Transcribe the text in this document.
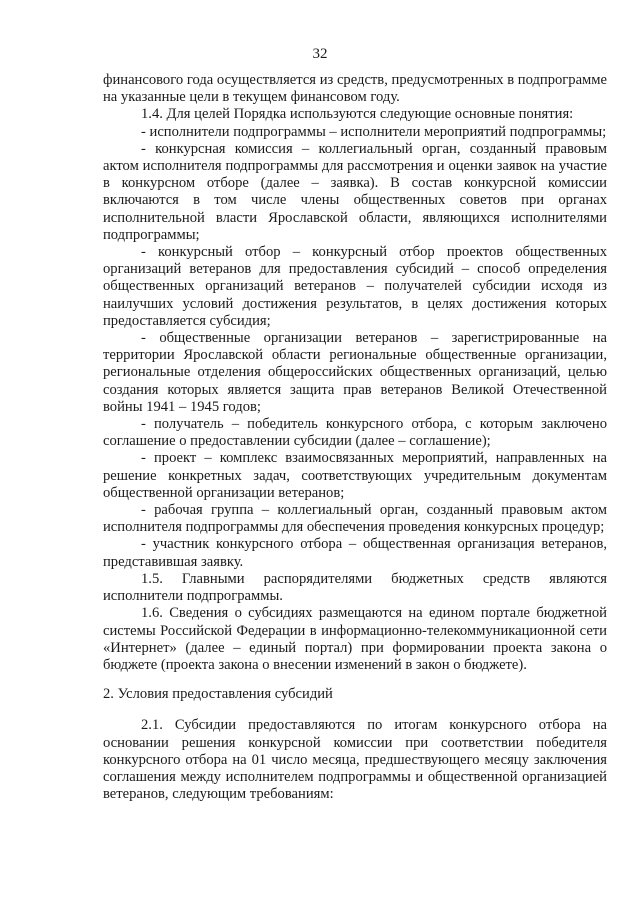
32

финансового года осуществляется из средств, предусмотренных в подпрограмме на указанные цели в текущем финансовом году.

1.4. Для целей Порядка используются следующие основные понятия:

- исполнители подпрограммы – исполнители мероприятий подпрограммы;

- конкурсная комиссия – коллегиальный орган, созданный правовым актом исполнителя подпрограммы для рассмотрения и оценки заявок на участие в конкурсном отборе (далее – заявка). В состав конкурсной комиссии включаются в том числе члены общественных советов при органах исполнительной власти Ярославской области, являющихся исполнителями подпрограммы;

- конкурсный отбор – конкурсный отбор проектов общественных организаций ветеранов для предоставления субсидий – способ определения общественных организаций ветеранов – получателей субсидии исходя из наилучших условий достижения результатов, в целях достижения которых предоставляется субсидия;

- общественные организации ветеранов – зарегистрированные на территории Ярославской области региональные общественные организации, региональные отделения общероссийских общественных организаций, целью создания которых является защита прав ветеранов Великой Отечественной войны 1941 – 1945 годов;

- получатель – победитель конкурсного отбора, с которым заключено соглашение о предоставлении субсидии (далее – соглашение);

- проект – комплекс взаимосвязанных мероприятий, направленных на решение конкретных задач, соответствующих учредительным документам общественной организации ветеранов;

- рабочая группа – коллегиальный орган, созданный правовым актом исполнителя подпрограммы для обеспечения проведения конкурсных процедур;

- участник конкурсного отбора – общественная организация ветеранов, представившая заявку.

1.5. Главными распорядителями бюджетных средств являются исполнители подпрограммы.

1.6. Сведения о субсидиях размещаются на едином портале бюджетной системы Российской Федерации в информационно-телекоммуникационной сети «Интернет» (далее – единый портал) при формировании проекта закона о бюджете (проекта закона о внесении изменений в закон о бюджете).

2. Условия предоставления субсидий

2.1. Субсидии предоставляются по итогам конкурсного отбора на основании решения конкурсной комиссии при соответствии победителя конкурсного отбора на 01 число месяца, предшествующего месяцу заключения соглашения между исполнителем подпрограммы и общественной организацией ветеранов, следующим требованиям:
